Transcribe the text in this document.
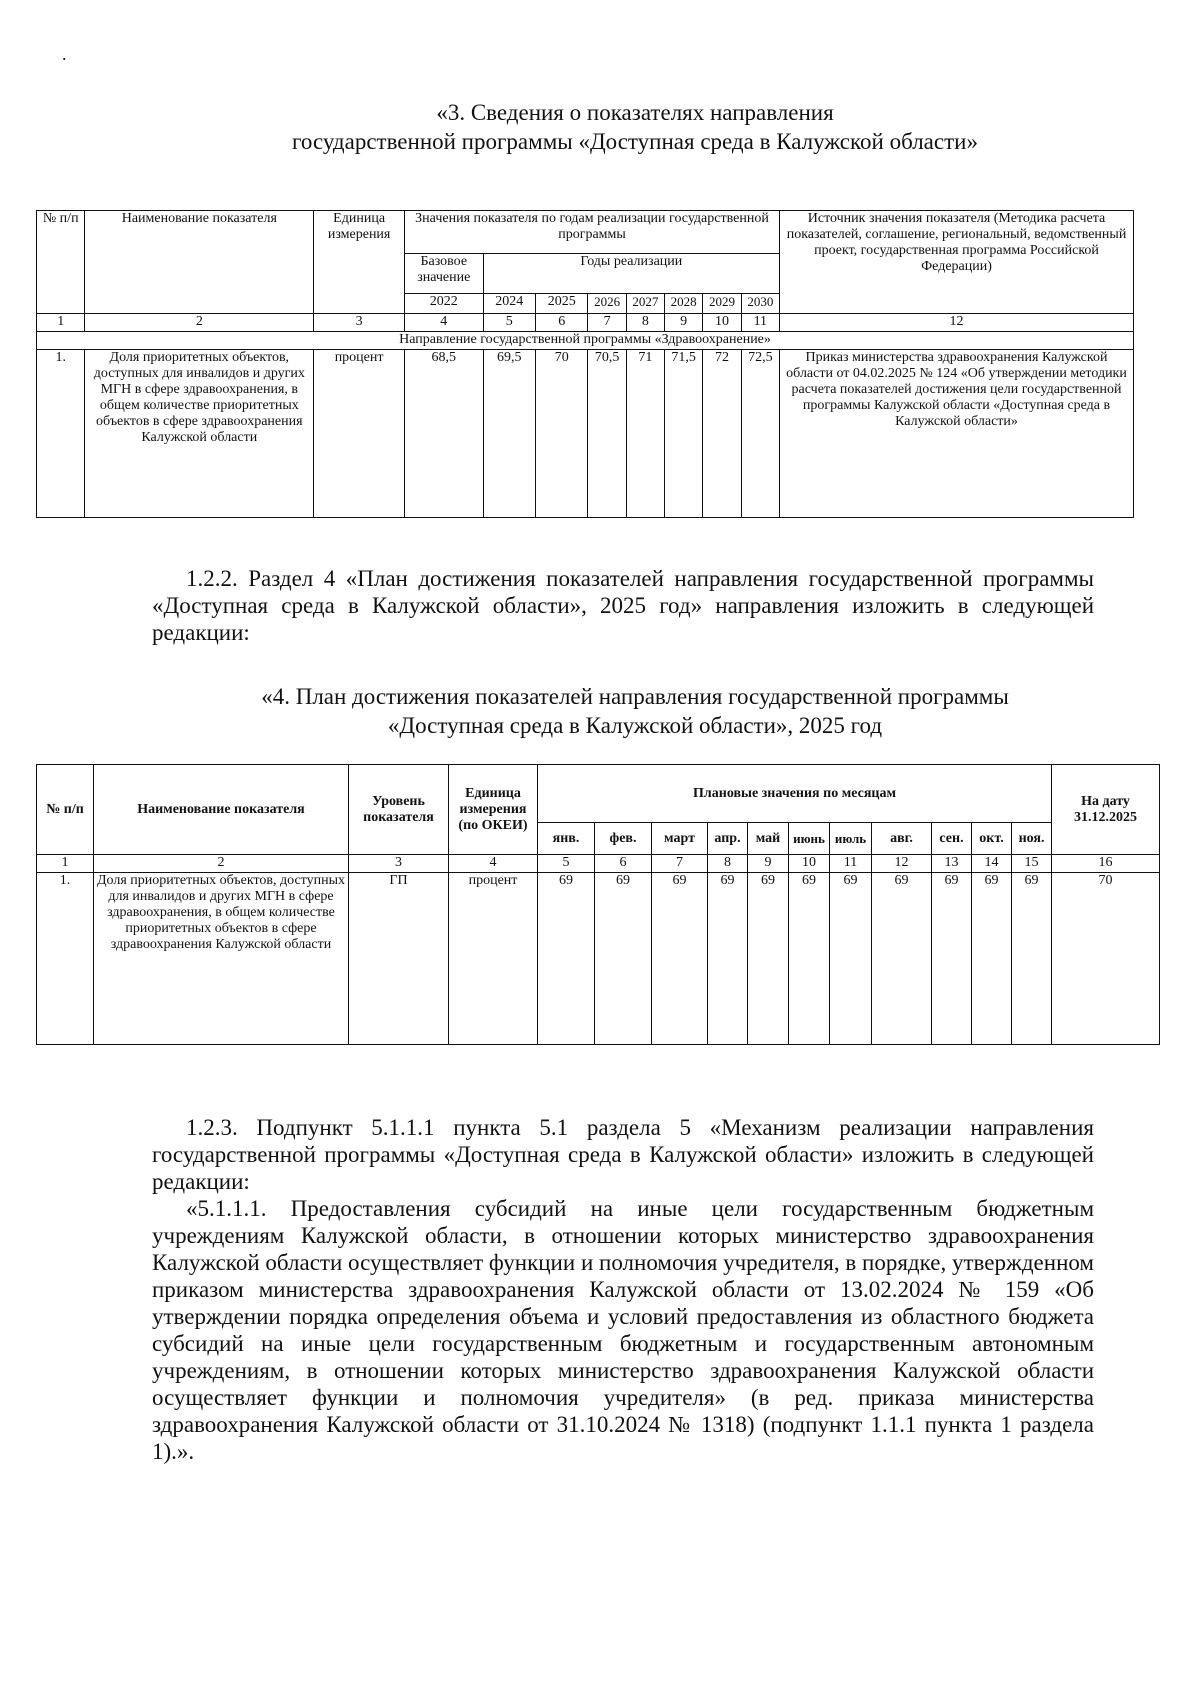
.
«3. Сведения о показателях направления
государственной программы «Доступная среда в Калужской области»
№ п/п	Наименование показателя	Единица измерения	Значения показателя по годам реализации государственной программы								Источник значения показателя (Методика расчета показателей, соглашение, региональный, ведомственный проект, государственная программа Российской Федерации)
			Базовое значение	Годы реализации							
			2022	2024	2025	2026	2027	2028	2029	2030	
1	2	3	4	5	6	7	8	9	10	11	12
Направление государственной программы «Здравоохранение»											
1.	Доля приоритетных объектов, доступных для инвалидов и других МГН в сфере здравоохранения, в общем количестве приоритетных объектов в сфере здравоохранения Калужской области	процент	68,5	69,5	70	70,5	71	71,5	72	72,5	Приказ министерства здравоохранения Калужской области от 04.02.2025 № 124 «Об утверждении методики расчета показателей достижения цели государственной программы Калужской области «Доступная среда в Калужской области»

1.2.2. Раздел 4 «План достижения показателей направления государственной программы «Доступная среда в Калужской области», 2025 год» направления изложить в следующей редакции:

«4. План достижения показателей направления государственной программы
«Доступная среда в Калужской области», 2025 год
№ п/п	Наименование показателя	Уровень показателя	Единица измерения (по ОКЕИ)	Плановые значения по месяцам											На дату 31.12.2025
				янв.	фев.	март	апр.	май	июнь	июль	авг.	сен.	окт.	ноя.	
1	2	3	4	5	6	7	8	9	10	11	12	13	14	15	16
1.	Доля приоритетных объектов, доступных для инвалидов и других МГН в сфере здравоохранения, в общем количестве приоритетных объектов в сфере здравоохранения Калужской области	ГП	процент	69	69	69	69	69	69	69	69	69	69	69	70

1.2.3. Подпункт 5.1.1.1 пункта 5.1 раздела 5 «Механизм реализации направления государственной программы «Доступная среда в Калужской области» изложить в следующей редакции:

«5.1.1.1. Предоставления субсидий на иные цели государственным бюджетным учреждениям Калужской области, в отношении которых министерство здравоохранения Калужской области осуществляет функции и полномочия учредителя, в порядке, утвержденном приказом министерства здравоохранения Калужской области от 13.02.2024 № 159 «Об утверждении порядка определения объема и условий предоставления из областного бюджета субсидий на иные цели государственным бюджетным и государственным автономным учреждениям, в отношении которых министерство здравоохранения Калужской области осуществляет функции и полномочия учредителя» (в ред. приказа министерства здравоохранения Калужской области от 31.10.2024 № 1318) (подпункт 1.1.1 пункта 1 раздела 1).».
